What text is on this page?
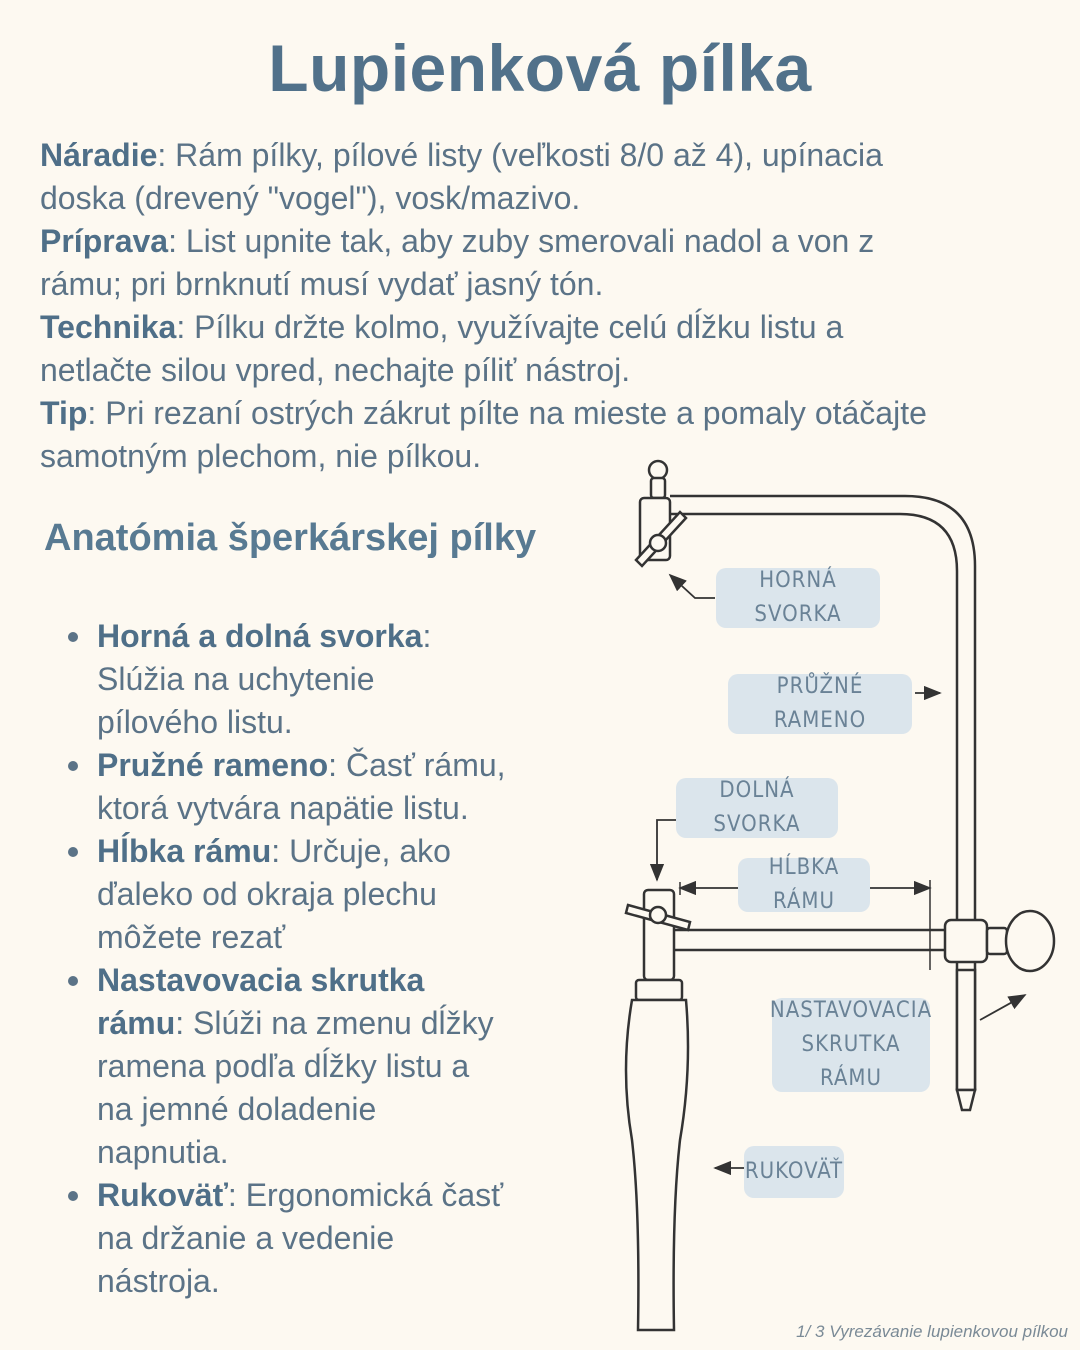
Lupienková pílka
Náradie: Rám pílky, pílové listy (veľkosti 8/0 až 4), upínacia
doska (drevený "vogel"), vosk/mazivo.
Príprava: List upnite tak, aby zuby smerovali nadol a von z
rámu; pri brnknutí musí vydať jasný tón.
Technika: Pílku držte kolmo, využívajte celú dĺžku listu a
netlačte silou vpred, nechajte píliť nástroj.
Tip: Pri rezaní ostrých zákrut pílte na mieste a pomaly otáčajte
samotným plechom, nie pílkou.
Anatómia šperkárskej pílky
Horná a dolná svorka:
Slúžia na uchytenie
pílového listu.
Pružné rameno: Časť rámu,
ktorá vytvára napätie listu.
Hĺbka rámu: Určuje, ako
ďaleko od okraja plechu
môžete rezať
Nastavovacia skrutka
rámu: Slúži na zmenu dĺžky
ramena podľa dĺžky listu a
na jemné doladenie
napnutia.
Rukoväť: Ergonomická časť
na držanie a vedenie
nástroja.
HORNÁ SVORKA
PRŮŽNÉ RAMENO
DOLNÁ SVORKA
HĹBKA RÁMU
NASTAVOVACIA
SKRUTKA RÁMU
RUKOVÄŤ
1/ 3 Vyrezávanie lupienkovou pílkou
